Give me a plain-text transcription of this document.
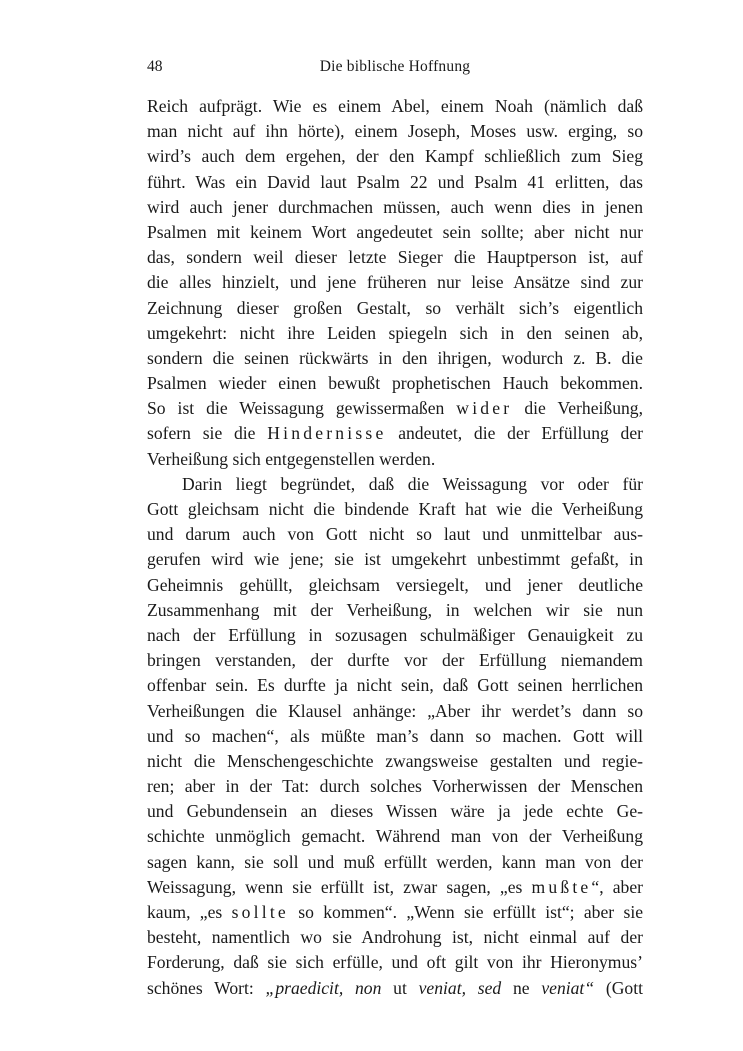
48	Die biblische Hoffnung
Reich aufprägt. Wie es einem Abel, einem Noah (nämlich daß
man nicht auf ihn hörte), einem Joseph, Moses usw. erging, so
wird’s auch dem ergehen, der den Kampf schließlich zum Sieg
führt. Was ein David laut Psalm 22 und Psalm 41 erlitten, das
wird auch jener durchmachen müssen, auch wenn dies in jenen
Psalmen mit keinem Wort angedeutet sein sollte; aber nicht nur
das, sondern weil dieser letzte Sieger die Hauptperson ist, auf
die alles hinzielt, und jene früheren nur leise Ansätze sind zur
Zeichnung dieser großen Gestalt, so verhält sich’s eigentlich
umgekehrt: nicht ihre Leiden spiegeln sich in den seinen ab,
sondern die seinen rückwärts in den ihrigen, wodurch z. B. die
Psalmen wieder einen bewußt prophetischen Hauch bekommen.
So ist die Weissagung gewissermaßen wider die Verheißung,
sofern sie die Hindernisse andeutet, die der Erfüllung der
Verheißung sich entgegenstellen werden.
Darin liegt begründet, daß die Weissagung vor oder für
Gott gleichsam nicht die bindende Kraft hat wie die Verheißung
und darum auch von Gott nicht so laut und unmittelbar aus-
gerufen wird wie jene; sie ist umgekehrt unbestimmt gefaßt, in
Geheimnis gehüllt, gleichsam versiegelt, und jener deutliche
Zusammenhang mit der Verheißung, in welchen wir sie nun
nach der Erfüllung in sozusagen schulmäßiger Genauigkeit zu
bringen verstanden, der durfte vor der Erfüllung niemandem
offenbar sein. Es durfte ja nicht sein, daß Gott seinen herrlichen
Verheißungen die Klausel anhänge: „Aber ihr werdet’s dann so
und so machen“, als müßte man’s dann so machen. Gott will
nicht die Menschengeschichte zwangsweise gestalten und regie-
ren; aber in der Tat: durch solches Vorherwissen der Menschen
und Gebundensein an dieses Wissen wäre ja jede echte Ge-
schichte unmöglich gemacht. Während man von der Verheißung
sagen kann, sie soll und muß erfüllt werden, kann man von der
Weissagung, wenn sie erfüllt ist, zwar sagen, „es mußte“, aber
kaum, „es sollte so kommen“. „Wenn sie erfüllt ist“; aber sie
besteht, namentlich wo sie Androhung ist, nicht einmal auf der
Forderung, daß sie sich erfülle, und oft gilt von ihr Hieronymus’
schönes Wort: „praedicit, non ut veniat, sed ne veniat“ (Gott
